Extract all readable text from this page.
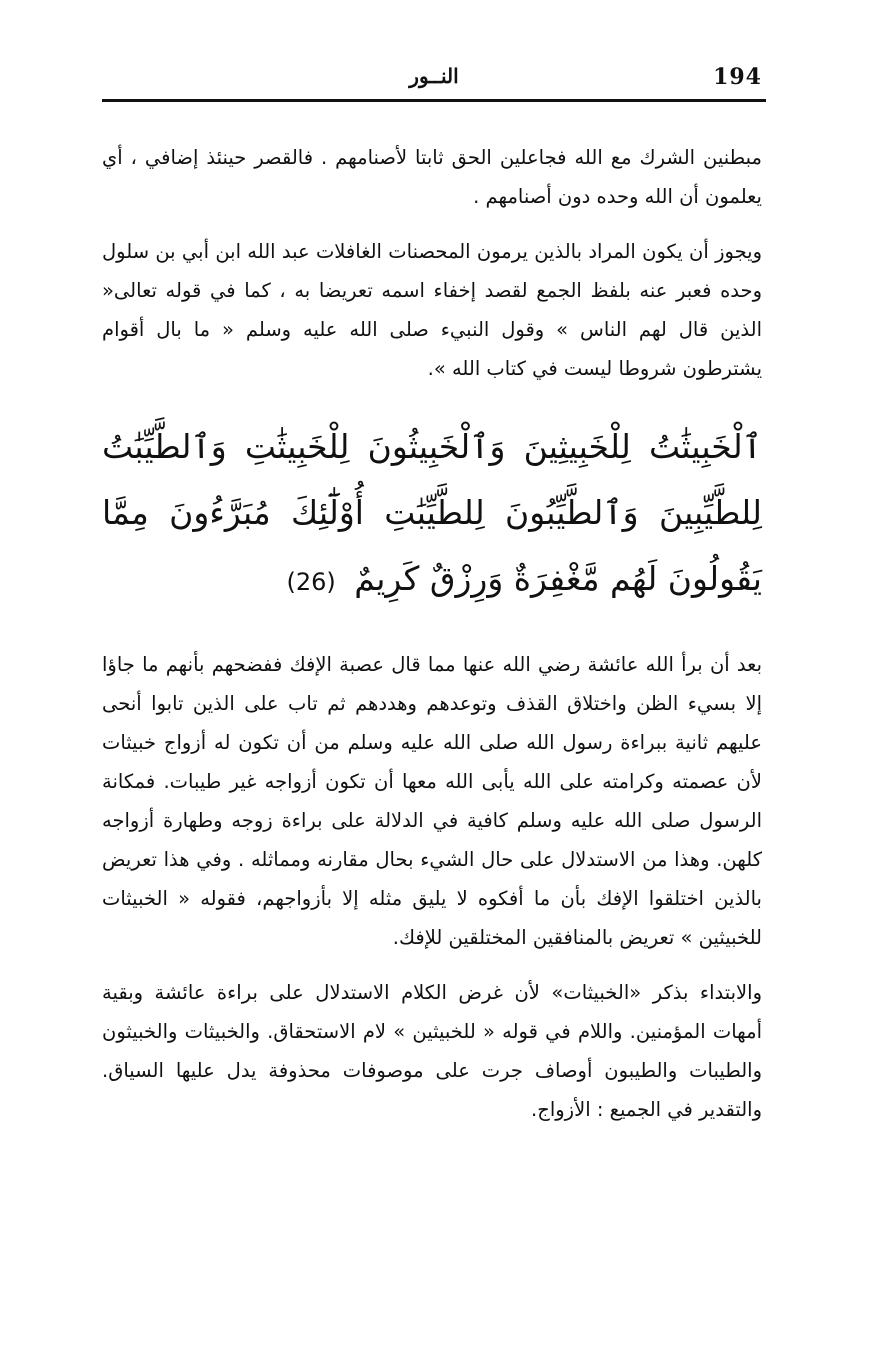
194
النــور

مبطنين الشرك مع الله فجاعلين الحق ثابتا لأصنامهم . فالقصر حينئذ إضافي ، أي يعلمون أن الله وحده دون أصنامهم .

ويجوز أن يكون المراد بالذين يرمون المحصنات الغافلات عبد الله ابن أبي بن سلول وحده فعبر عنه بلفظ الجمع لقصد إخفاء اسمه تعريضا به ، كما في قوله تعالى« الذين قال لهم الناس » وقول النبيء صلى الله عليه وسلم « ما بال أقوام يشترطون شروطا ليست في كتاب الله ».

ٱلْخَبِيثَٰتُ لِلْخَبِيثِينَ وَٱلْخَبِيثُونَ لِلْخَبِيثَٰتِ وَٱلطَّيِّبَٰتُ لِلطَّيِّبِينَ وَٱلطَّيِّبُونَ لِلطَّيِّبَٰتِ أُوْلَٰٓئِكَ مُبَرَّءُونَ مِمَّا يَقُولُونَ لَهُم مَّغْفِرَةٌ وَرِزْقٌ كَرِيمٌ (26)

بعد أن برأ الله عائشة رضي الله عنها مما قال عصبة الإفك ففضحهم بأنهم ما جاؤا إلا بسيء الظن واختلاق القذف وتوعدهم وهددهم ثم تاب على الذين تابوا أنحى عليهم ثانية ببراءة رسول الله صلى الله عليه وسلم من أن تكون له أزواج خبيثات لأن عصمته وكرامته على الله يأبى الله معها أن تكون أزواجه غير طيبات. فمكانة الرسول صلى الله عليه وسلم كافية في الدلالة على براءة زوجه وطهارة أزواجه كلهن. وهذا من الاستدلال على حال الشيء بحال مقارنه ومماثله . وفي هذا تعريض بالذين اختلقوا الإفك بأن ما أفكوه لا يليق مثله إلا بأزواجهم، فقوله « الخبيثات للخبيثين » تعريض بالمنافقين المختلقين للإفك.

والابتداء بذكر «الخبيثات» لأن غرض الكلام الاستدلال على براءة عائشة وبقية أمهات المؤمنين. واللام في قوله « للخبيثين » لام الاستحقاق. والخبيثات والخبيثون والطيبات والطيبون أوصاف جرت على موصوفات محذوفة يدل عليها السياق. والتقدير في الجميع : الأزواج.
